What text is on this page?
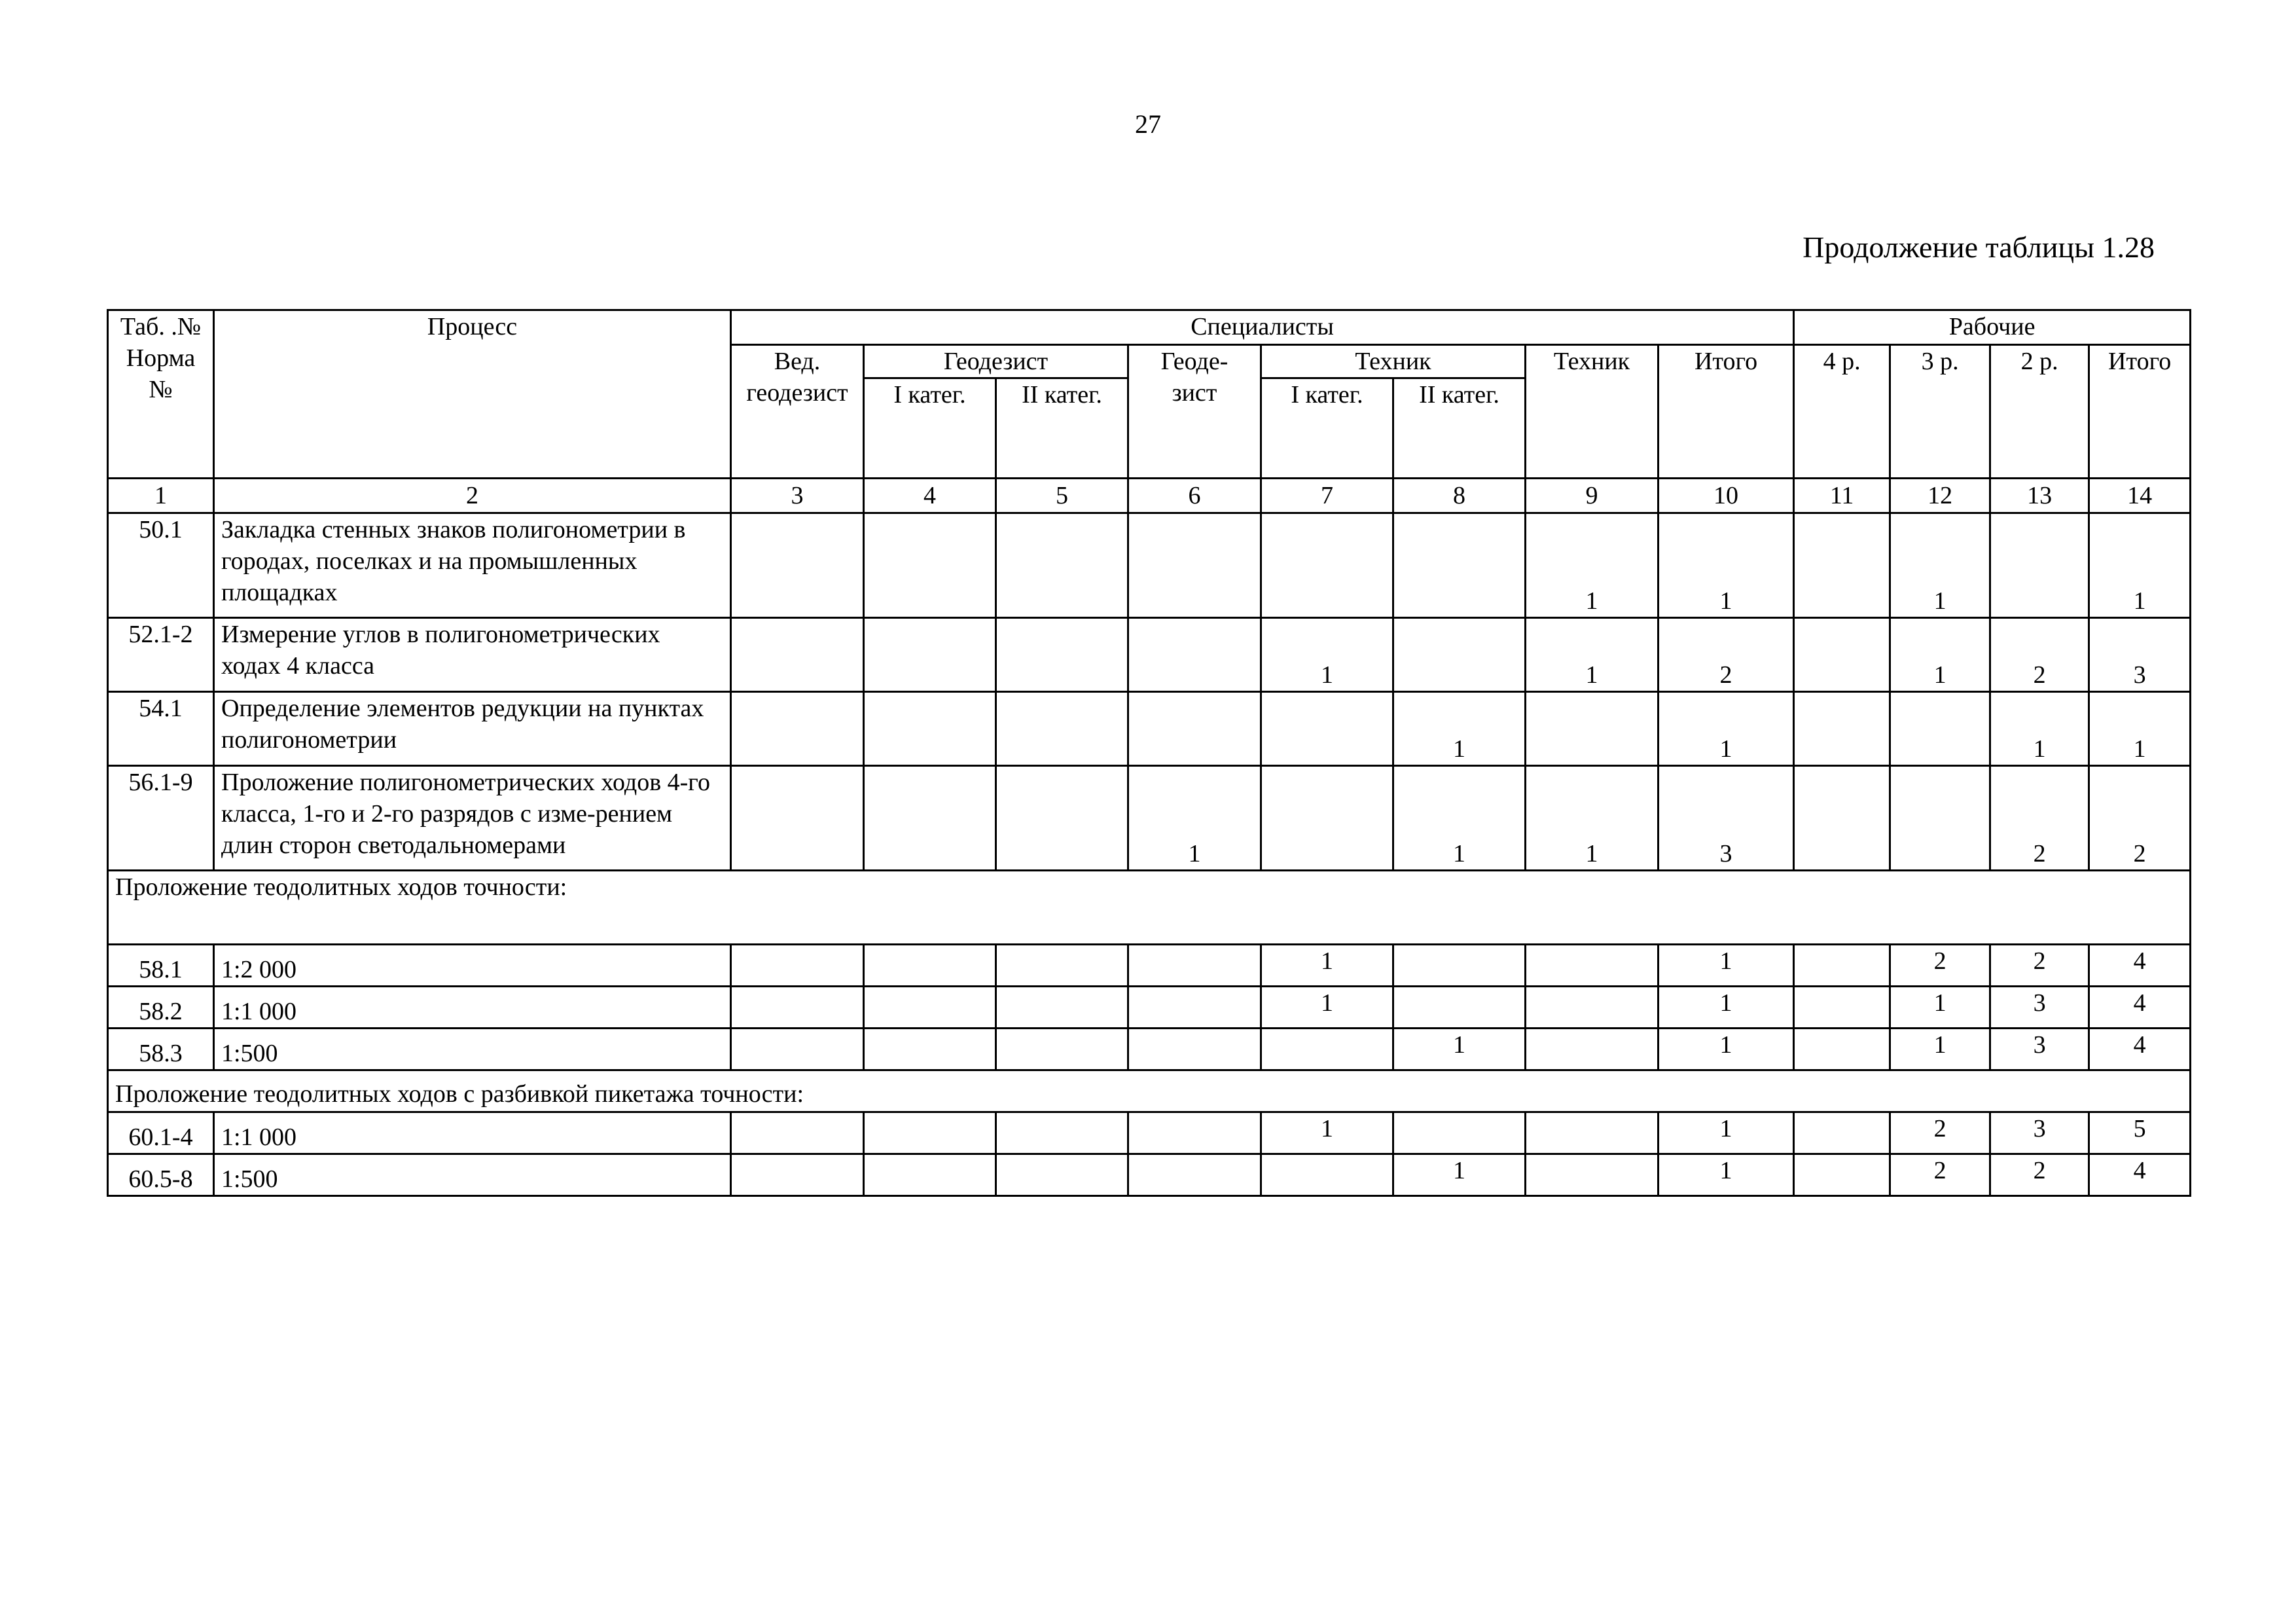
27
Продолжение таблицы 1.28
Таб. .№ Норма №	Процесс	Специалисты								Рабочие			
		Вед. геодезист	Геодезист		Геоде- зист	Техник		Техник	Итого	4 р.	3 р.	2 р.	Итого
			I катег.	II катег.		I катег.	II катег.						
1	2	3	4	5	6	7	8	9	10	11	12	13	14
50.1	Закладка стенных знаков полигонометрии в городах, поселках и на промышленных площадках							1	1		1		1
52.1-2	Измерение углов в полигонометрических ходах 4 класса					1		1	2		1	2	3
54.1	Определение элементов редукции на пунктах полигонометрии						1		1			1	1
56.1-9	Проложение полигонометрических ходов 4-го класса, 1-го и 2-го разрядов с изме-рением длин сторон светодальномерами				1		1	1	3			2	2

Проложение теодолитных ходов точности:													

58.1	1:2 000					1			1		2	2	4
58.2	1:1 000					1			1		1	3	4
58.3	1:500						1		1		1	3	4
Проложение теодолитных ходов с разбивкой пикетажа точности:													
60.1-4	1:1 000					1			1		2	3	5
60.5-8	1:500						1		1		2	2	4
